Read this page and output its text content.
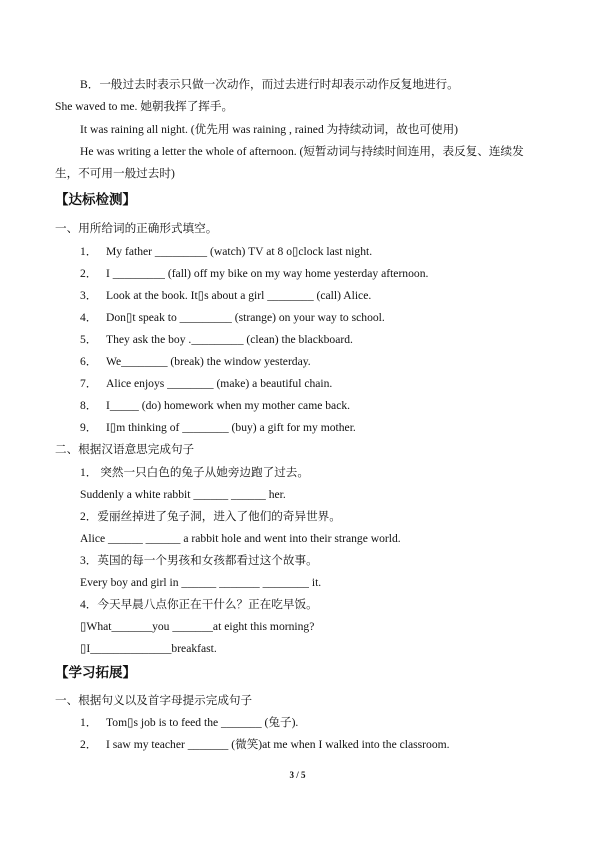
B．一般过去时表示只做一次动作，而过去进行时却表示动作反复地进行。
She waved to me. 她朝我挥了挥手。
It was raining all night. (优先用 was raining , rained 为持续动词，故也可使用)
He was writing a letter the whole of afternoon. (短暂动词与持续时间连用，表反复、连续发
生，不可用一般过去时)
【达标检测】
一、用所给词的正确形式填空。
1． My father _________ (watch) TV at 8 o▯clock last night.
2． I _________ (fall) off my bike on my way home yesterday afternoon.
3． Look at the book. It▯s about a girl ________ (call) Alice.
4． Don▯t speak to _________ (strange) on your way to school.
5． They ask the boy ._________ (clean) the blackboard.
6． We________ (break) the window yesterday.
7． Alice enjoys ________ (make) a beautiful chain.
8． I_____ (do) homework when my mother came back.
9． I▯m thinking of ________ (buy) a gift for my mother.
二、根据汉语意思完成句子
1． 突然一只白色的兔子从她旁边跑了过去。
Suddenly a white rabbit ______ ______ her.
2．爱丽丝掉进了兔子洞，进入了他们的奇异世界。
Alice ______ ______ a rabbit hole and went into their strange world.
3．英国的每一个男孩和女孩都看过这个故事。
Every boy and girl in ______ _______ ________ it.
4．今天早晨八点你正在干什么？正在吃早饭。
▯What_______you _______at eight this morning?
▯I______________breakfast.
【学习拓展】
一、根据句义以及首字母提示完成句子
1． Tom▯s job is to feed the _______ (兔子).
2． I saw my teacher _______ (微笑)at me when I walked into the classroom.
3 / 5
